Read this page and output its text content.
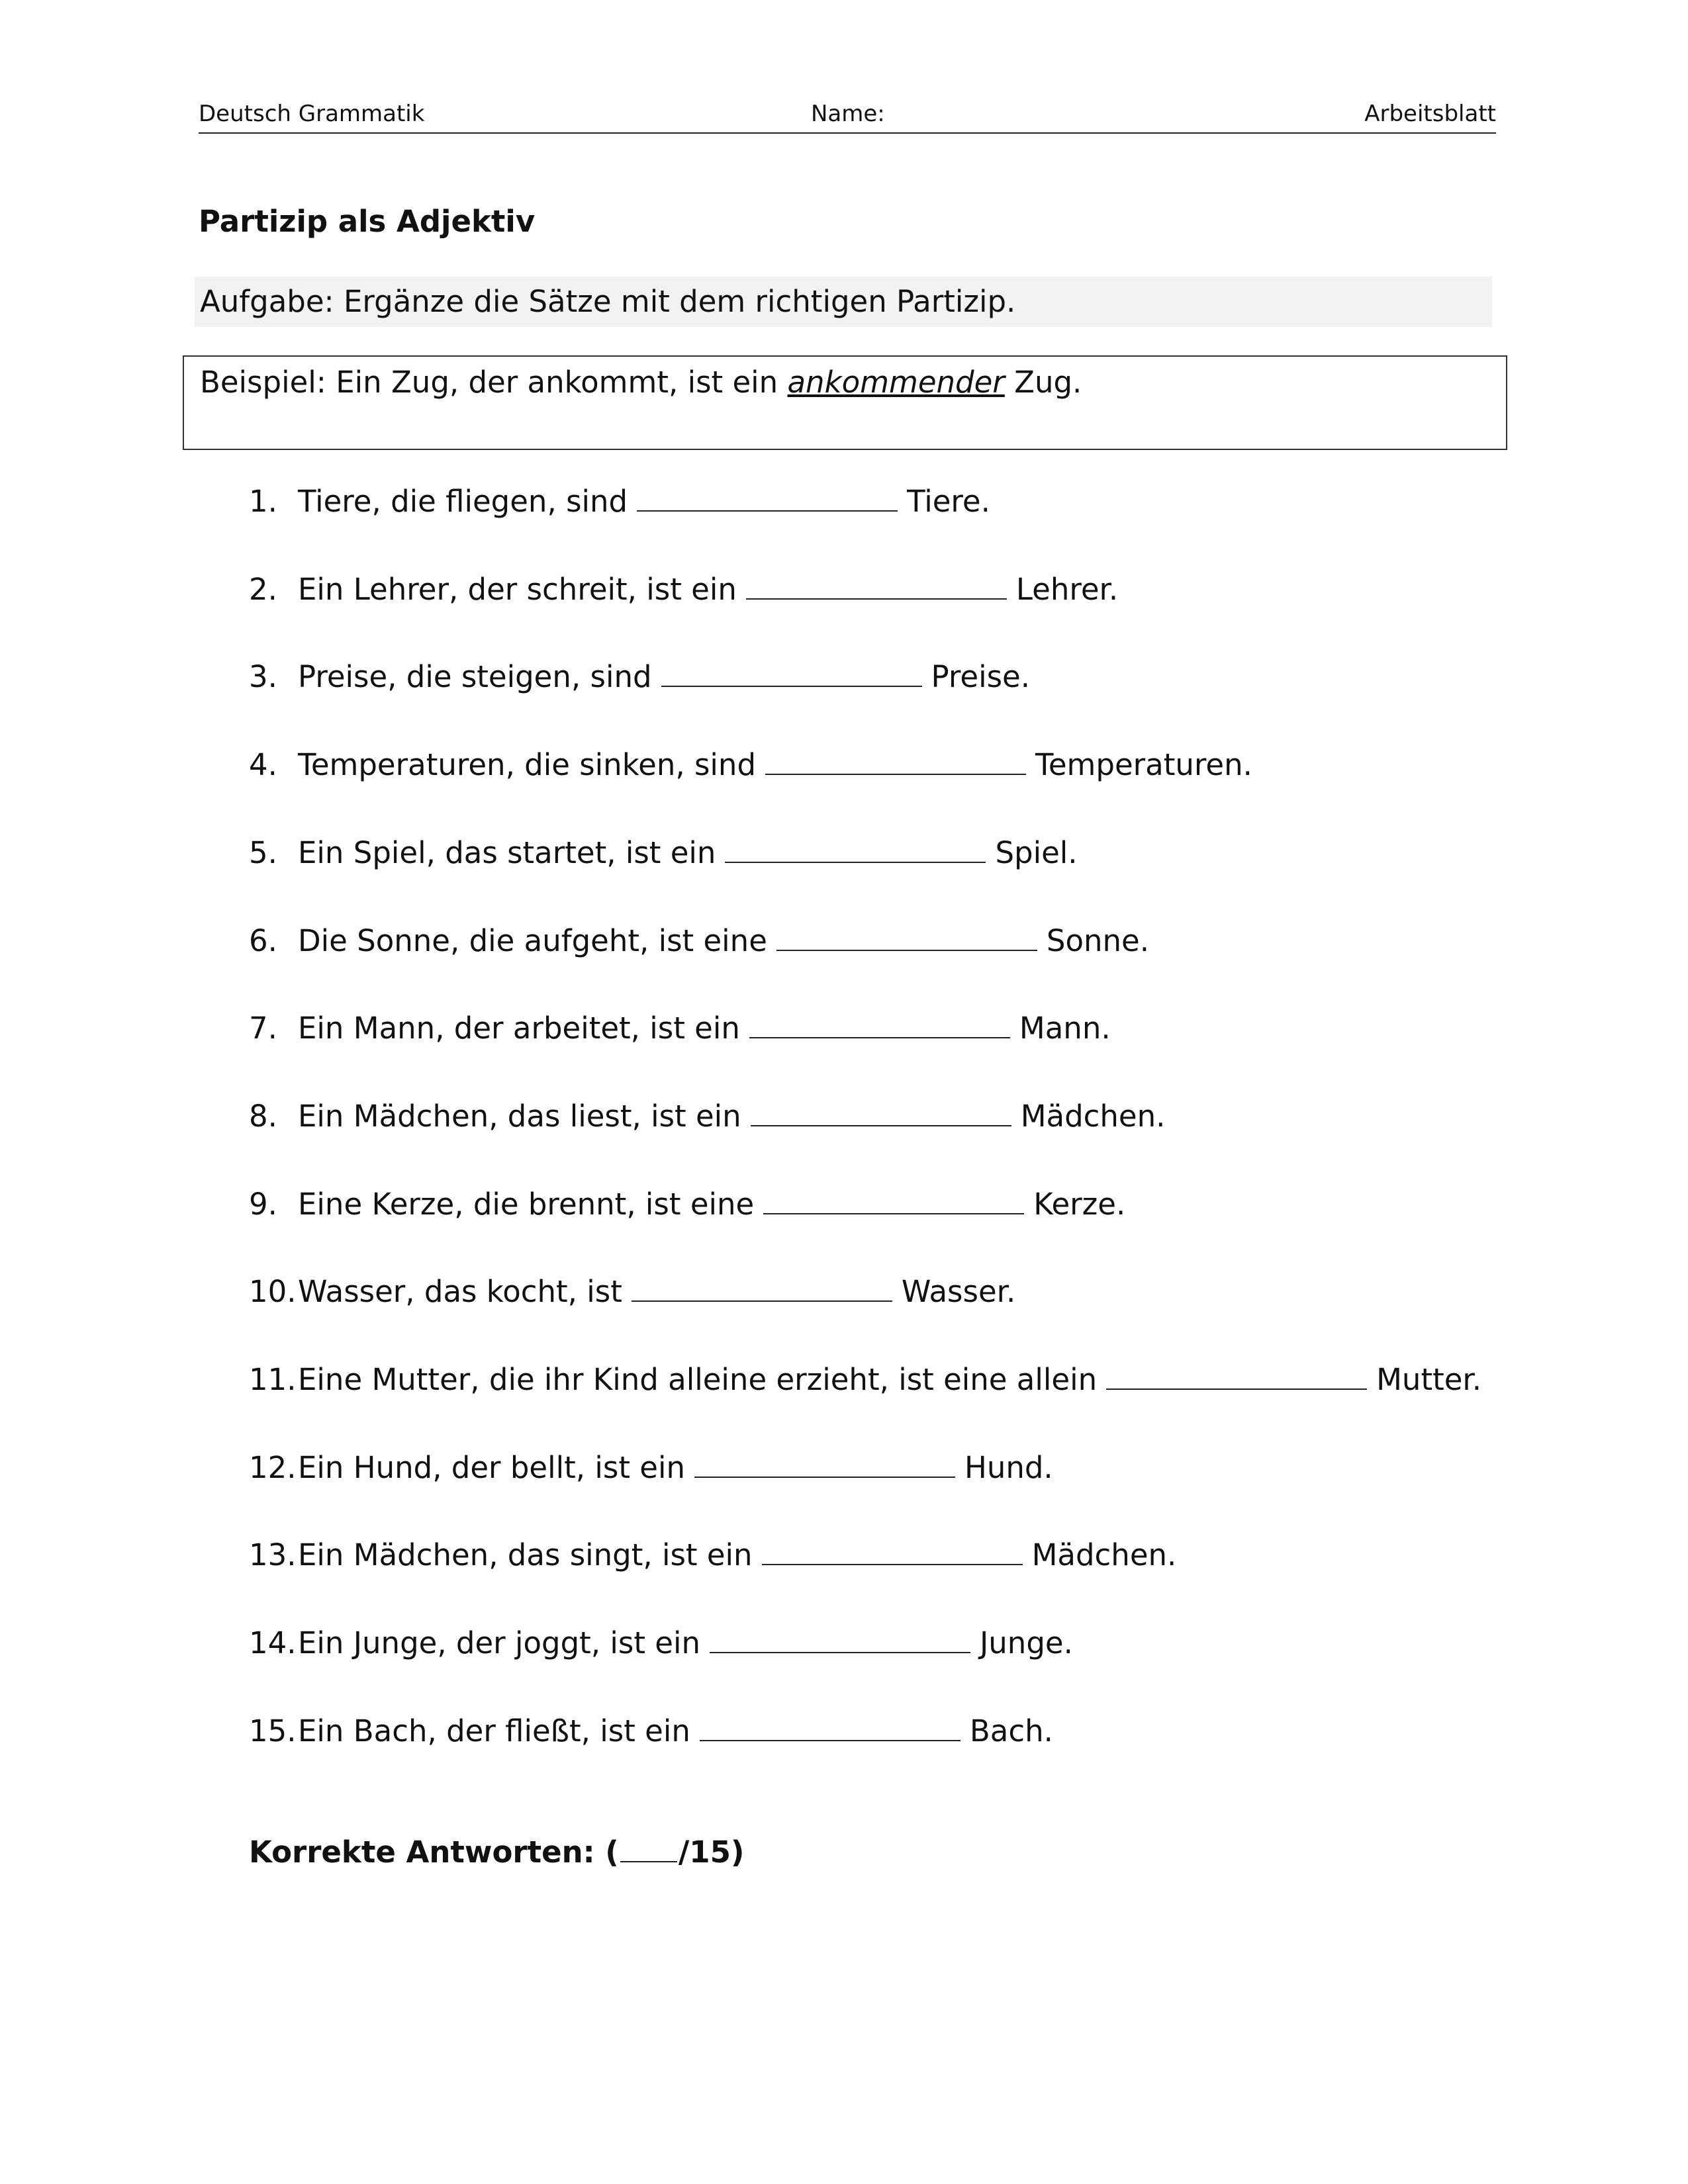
Deutsch Grammatik	Name:	Arbeitsblatt
Partizip als Adjektiv
Aufgabe: Ergänze die Sätze mit dem richtigen Partizip.
Beispiel: Ein Zug, der ankommt, ist ein ankommender Zug.
1. Tiere, die fliegen, sind	Tiere.
2. Ein Lehrer, der schreit, ist ein	Lehrer.
3. Preise, die steigen, sind	Preise.
4. Temperaturen, die sinken, sind	Temperaturen.
5. Ein Spiel, das startet, ist ein	Spiel.
6. Die Sonne, die aufgeht, ist eine	Sonne.
7. Ein Mann, der arbeitet, ist ein	Mann.
8. Ein Mädchen, das liest, ist ein	Mädchen.
9. Eine Kerze, die brennt, ist eine	Kerze.
10.Wasser, das kocht, ist	Wasser.
11.Eine Mutter, die ihr Kind alleine erzieht, ist eine allein	Mutter.
12.Ein Hund, der bellt, ist ein	Hund.
13.Ein Mädchen, das singt, ist ein	Mädchen.
14.Ein Junge, der joggt, ist ein	Junge.
15.Ein Bach, der fließt, ist ein	Bach.
Korrekte Antworten: ( /15)
